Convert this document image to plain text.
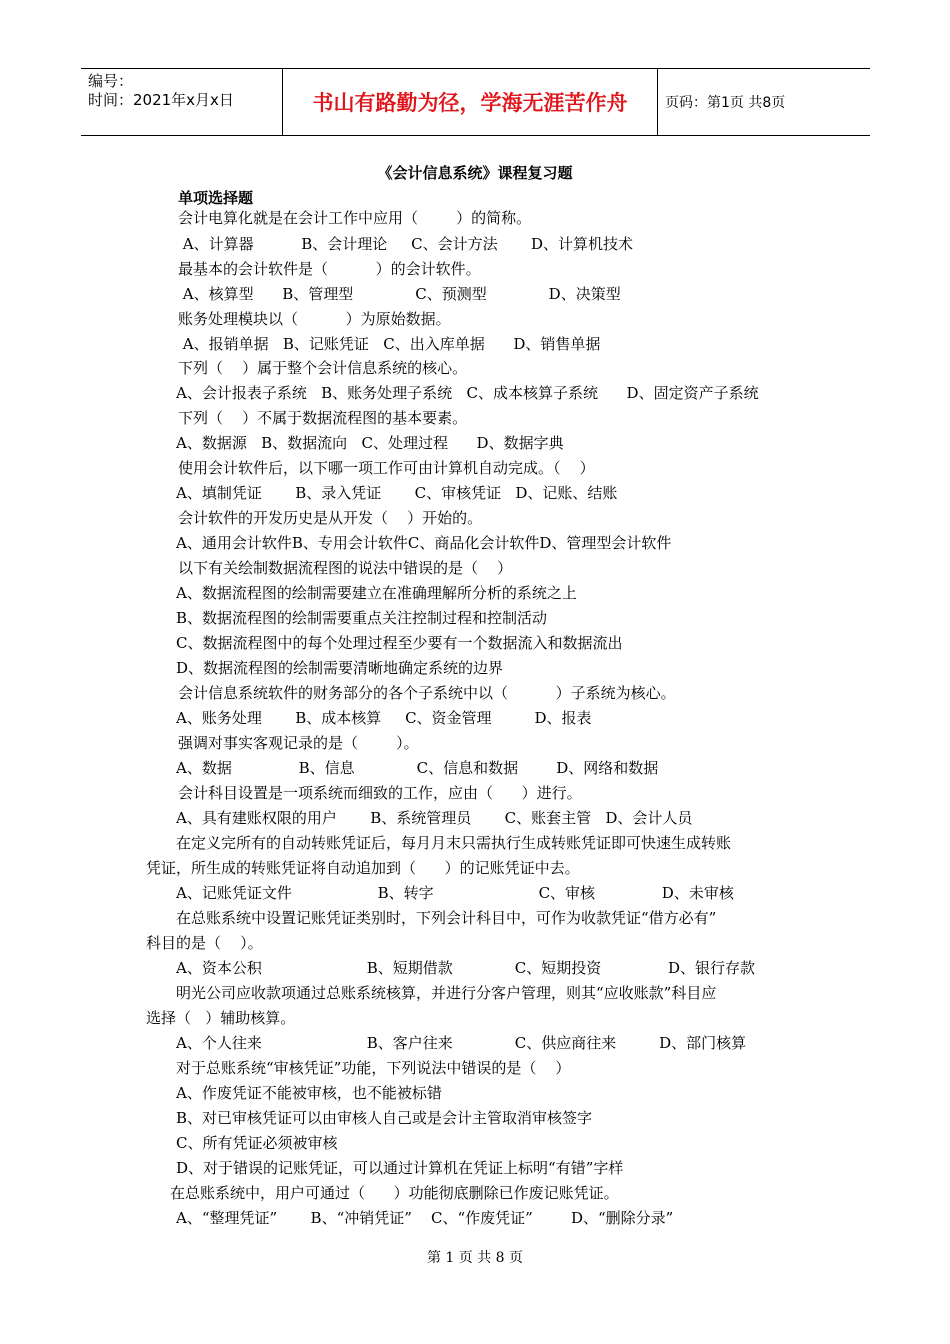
编号：
时间：2021年x月x日	书山有路勤为径，学海无涯苦作舟	页码：第1页 共8页
《会计信息系统》课程复习题
单项选择题
会计电算化就是在会计工作中应用（        ）的简称。
A、计算器          B、会计理论     C、会计方法       D、计算机技术
最基本的会计软件是（          ）的会计软件。
A、核算型      B、管理型             C、预测型             D、决策型
账务处理模块以（          ）为原始数据。
A、报销单据   B、记账凭证   C、出入库单据      D、销售单据
下列（    ）属于整个会计信息系统的核心。
A、会计报表子系统   B、账务处理子系统   C、成本核算子系统      D、固定资产子系统
下列（    ）不属于数据流程图的基本要素。
A、数据源   B、数据流向   C、处理过程      D、数据字典
使用会计软件后，以下哪一项工作可由计算机自动完成。（    ）
A、填制凭证       B、录入凭证       C、审核凭证   D、记账、结账
会计软件的开发历史是从开发（    ）开始的。
A、通用会计软件B、专用会计软件C、商品化会计软件D、管理型会计软件
以下有关绘制数据流程图的说法中错误的是（    ）
A、数据流程图的绘制需要建立在准确理解所分析的系统之上
B、数据流程图的绘制需要重点关注控制过程和控制活动
C、数据流程图中的每个处理过程至少要有一个数据流入和数据流出
D、数据流程图的绘制需要清晰地确定系统的边界
会计信息系统软件的财务部分的各个子系统中以（          ）子系统为核心。
A、账务处理       B、成本核算     C、资金管理         D、报表
强调对事实客观记录的是（        ）。
A、数据              B、信息             C、信息和数据        D、网络和数据
会计科目设置是一项系统而细致的工作，应由（      ）进行。
A、具有建账权限的用户       B、系统管理员       C、账套主管   D、会计人员
在定义完所有的自动转账凭证后，每月月末只需执行生成转账凭证即可快速生成转账
凭证，所生成的转账凭证将自动追加到（      ）的记账凭证中去。
A、记账凭证文件                  B、转字                      C、审核              D、未审核
在总账系统中设置记账凭证类别时，下列会计科目中，可作为收款凭证“借方必有”
科目的是（    ）。
A、资本公积                      B、短期借款             C、短期投资              D、银行存款
明光公司应收款项通过总账系统核算，并进行分客户管理，则其“应收账款”科目应
选择（   ）辅助核算。
A、个人往来                      B、客户往来             C、供应商往来         D、部门核算
对于总账系统“审核凭证”功能，下列说法中错误的是（    ）
A、作废凭证不能被审核，也不能被标错
B、对已审核凭证可以由审核人自己或是会计主管取消审核签字
C、所有凭证必须被审核
D、对于错误的记账凭证，可以通过计算机在凭证上标明“有错”字样
在总账系统中，用户可通过（      ）功能彻底删除已作废记账凭证。
A、“整理凭证”       B、“冲销凭证”    C、“作废凭证”        D、“删除分录”
第 1 页 共 8 页
